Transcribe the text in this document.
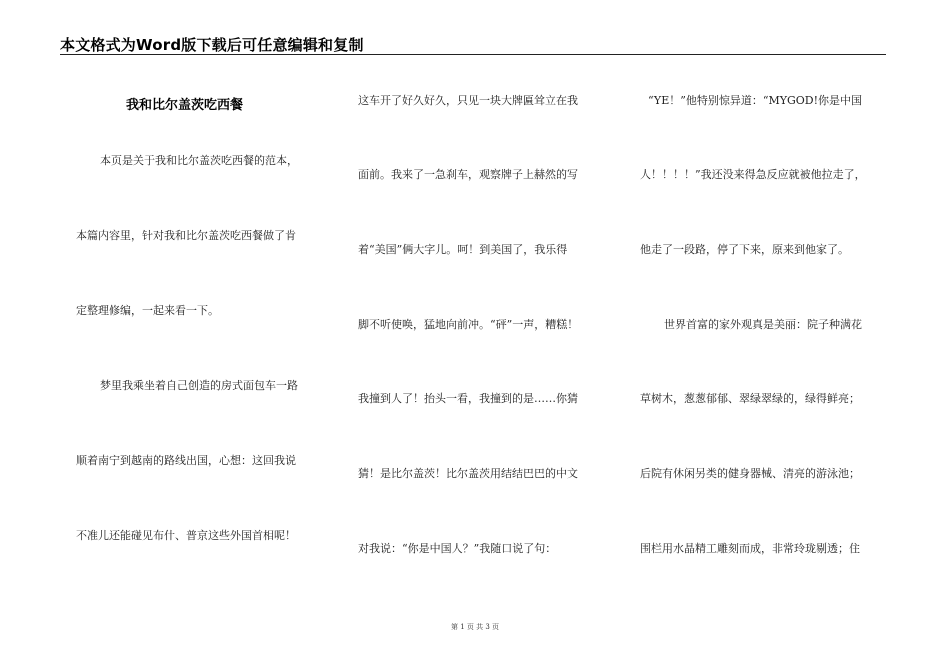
本文格式为Word版下载后可任意编辑和复制
我和比尔盖茨吃西餐
本页是关于我和比尔盖茨吃西餐的范本，
本篇内容里，针对我和比尔盖茨吃西餐做了肯
定整理修编，一起来看一下。
梦里我乘坐着自己创造的房式面包车一路
顺着南宁到越南的路线出国，心想：这回我说
不准儿还能碰见布什、普京这些外国首相呢！
这车开了好久好久，只见一块大牌匾耸立在我
面前。我来了一急刹车，观察牌子上赫然的写
着“美国”俩大字儿。呵！到美国了，我乐得
脚不听使唤，猛地向前冲。“砰”一声，糟糕！
我撞到人了！抬头一看，我撞到的是……你猜
猜！是比尔盖茨！比尔盖茨用结结巴巴的中文
对我说：“你是中国人？”我随口说了句：
“YE！”他特别惊异道：“MYGOD!你是中国
人！！！！”我还没来得急反应就被他拉走了，
他走了一段路，停了下来，原来到他家了。
世界首富的家外观真是美丽：院子种满花
草树木，葱葱郁郁、翠绿翠绿的，绿得鲜亮；
后院有休闲另类的健身器械、清亮的游泳池；
围栏用水晶精工雕刻而成，非常玲珑剔透；住
第 1 页 共 3 页
